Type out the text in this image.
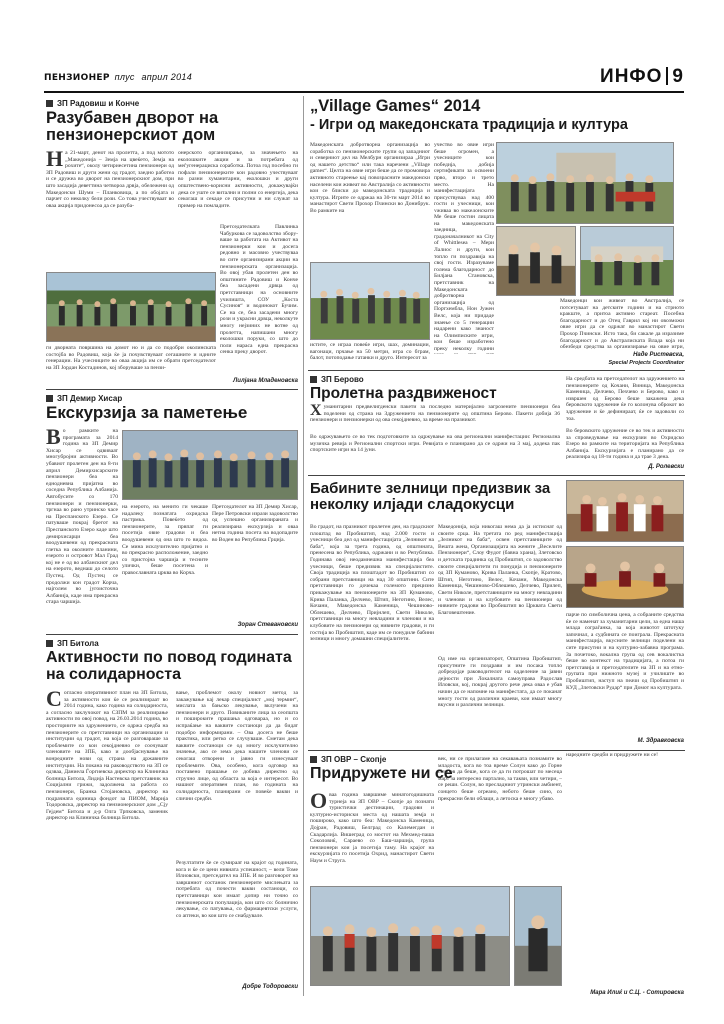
ПЕНЗИОНЕР плус април 2014	ИНФО 9
ЗП Радовиш и Конче
Разубавен дворот на пензионерскиот дом
На 21-март, денот на пролетта, а под мотото „Македонија – Земја на цвеќето, Земја на рохите“, околу четириесетина пензионери од ЗП Радовиш и други жени од градот, заедно работеа и се дружеа во дворот на пензионерскиот дом, при што засадија деветтина четвороа дрвја, обележени од Македонски Шуми – Планковица, а по обојата и парчет со неколку бели рози. Со това учествуваат во оваа акција придонесоа да се разуба-
онерското организирање, за значењето на еколошките акции и за потребата од меѓугенерациска соработка. Потоа год посебно ги пофали пензионерките кои радовно учествуваат во разни хуманитарни, еколошки и други општествено-корисни активности, докажувајќи дека се уште се витални и полни со енергија, дека секогаш и секаде се присутни и ни служат за пример на помладите.
Претседателката Павлинка Чабуркова се задоволство збору-ваше за работата на Активот на пензионерки кои и досега редовно и масовно учествуваа во сите организирани акции на пензионерската организација. Во овој убав пролетен ден во општините Радовиш и Конче беа засадени дрвца од претставници на основните училишта, СОУ „Коста Сусинов“ и водинокот Бучим. Се на се, беа засадени многу рози и украсни дрвца, неколкуте многу нејзиних не вотне од пролетта, напишани многу еколошки поруки, со што до поли нараса една прекрасна сенка преку дворот.
ги дворната површина на домот но и да со подобри околинската состојба во Радовиш, која ќе ја почувствуваат сегашните и идните генерации. На учесниците во оваа акција им се обрати претседателот на ЗП Јордан Костадинов, кој зборуваше за пензи-
Лилјана Младеновска
ЗП Демир Хисар
Екскурзија за паметење
Во рамките на програмата за 2014 година на ЗП Демир Хисар се одвиваат многубројни активности. Во убавиот пролетен ден на 8-ти април Демирхисарските пензионери беа на еднодневна пријатна во соседна Република Албанија. Автобусите со 170 пензионери и пензионерки, тргнаа во рано утринско часе на Преспанското Езеро. Се патуваше покрај брегот на Преспанското Езеро каде што демирхисарци беа воодушевени од прекрасната глетка на околните планини, езерото и островот Мал Град кој не е од во албанскиот дел на езерото, веднаш до селото Пустец. Од Пустец се продолжи кон градот Корча, најголем во југоисточна Албанија, каде има прекрасна стара чаршија.
на езерото, на менито ги чекаше надалеку познатата охридска пастрмка. Повеќето од пензионерите, за првпат ги посетија овие градови и беа воодушевени од она што го видоа. Се мина исклучително пријатно и во прекрасно расположение, заедно со пристојна чаршија и тесните улички, беше посетена и православната црква во Корча.
Претседателот на ЗП Демир Хисар, Пере Петровски изрази задоволство од успешно организираната и реализирана екскурзија и оваа нетна година посета на водопадите во Воден во Република Грција.
Зоран Стевановски
ЗП Битола
Активности по повод годината на солидарноста
Согласно оперативниот план на ЗП Битола, за активности кои ќе се реализираат во 2014 година, како година на солидарноста, а согласно заклучокот на СЗПМ за реализирање активности по овој повод, на 26.03.2014 година, во просториите на здружението, се одржа средба на пензионерите со претставници на организации и институции од градот, на која се разговараше за проблемите со кои секојдневно се соочуваат членовите на ЗПБ, како и дообјаснување на вонредните нови од страна на државните институции. На покана на раководството на ЗП се одзваа, Даниела Ѓоргиевска директор на Клиничка болница Битола, Лидија Настевска претставник на Социјални грижи, задолжена за работа со пензионери, Бранка Стојановска, директор на подрачната единица фондот за ПИОМ, Марија Тодоровска, директор на пензионерскиот дом „Сју Гејдем“ Битола и д-р Олга Трпковска, заменик директор на Клиничка болница Битола.
вање, проблемот околу новиот метод за закажување кај лекар специјалист „мој термин“, мислата за бањско лекување, вклучени на пензионери и друго. Повиканите лица за сеопшта и пошироките прашања одговараа, но и со испраќање на ваквите состаноци да да бидат подобро информирани. – Ова досега не беше практика, или ретко се случуваше. Сметам дека ваквите состаноци се од многу исклучително значење, ако се зема дека нашите членови се секогаш отворени и јавно ги изнесуваат проблемите. Ова, особено, кога одговор на поставено прашање се добива директно од стручно лице, од областа за која е интересот. Во нашиот оперативен план, во годината на солидарноста, планирани се повеќе вакви и слични средби.
Резултатите ќе се сумираат на крајот од годината, кога и ќе се цени нивната успешност, – вели Томе Илиовски, претседател на ЗПБ. И во разговорот на завршниот состанок пензионерите мислењата за потребата од почести вакви состаноци, со претставници кои имаат допир ни точно со пензионерската популација, кои што со: болнично лекување, со патувања, со фармацевтски услуги, со аптеки, во кои што се снабдувале.
Добре Тодоровски
„Village Games“ 2014
- Игри од македонската традиција и култура
Македонската добротворна организација во соработка со пензионерските групи од западниот и северниот дел на Мелбурн организираа „Игри од нашето детство“ или така наречени „Village games“. Целта на овие игри беше да се промовира активното стареење кај повозрасните македонски населени кои живеат во Австралија со активности кои се блиски до македонската традиција и култура. Игрите се одржаа на 30-ти март 2014 во манастирот Свети Прохор Пчински во Донибрук. Во рамките на
учество во овие игри беше огромен, а учесниците кои победија, добија сертификати за освоени прво, второ и трето место. На манифестацијата присуствуваа над 400 гости и учесници, кои уживаа во македонските
Ме беше гостин лицата на македонската заедница, градоначалникот на City of Whittlesea – Мери Лалиос и други, кои топло ги поздравија на свој гости. Изразуваме голема благодарност до Билјана Становска, претставник на Македонската добротворна организација од Портхемблa, Нон Јужен Велс, која ни придаде знаење со 5 генерации надарени како знаност на Олимписките игри, кои беше изработено преку неколку години
истите, се играа повеќе игри, шах, доминации, вагонаци, прчање на 50 метри, игра со бграм, бaлот, потоподање гатанки и друго. Интересот за
Македонци кои живеат во Австралија, се потсетуваат на детските години и на стрното кракште, а притоа активно стареат. Посебна благодарност и до Отец Гаврил кој ни овозможи овие игри да се одржат во манастирот Свети Прохор Пчински. Исто така, би сакале да изразиме благодарност и до Австралиската Влада која ни обезбеди средства за организирање на овие игри,
Наде Ристевска,
Special Projects Coordinator
ЗП Берово
Пролетна раздвиженост
Хуманитарни предвелигденски пакети за последно материјално загрозените пензионери беа поделени од страна на Здружението на пензионерите од општина Берово. Пакети добија 36 пензионери и пензионерки од ова секојдневно, за време на празникот.
Во одржувањето се во тек подготовките за одржување на ова регионални манифестации: Регионална музичка ревија и Регионални спортски игри. Ревијата е планирано да се одржи на 3 мај, додека пак спортските игри на 14 јуни.
На средбата на претседателот на здружението на пензионерите од Кочани, Виница, Македонска Каменица, Делчево, Пехчево и Берово, како и извршен од Берово беше закажена дека беровското здружение ќе го колонува оброкот во здружение и ќе дефинираат, ќе се задоволи со тоа.
Во беровското здружение се во тек и активности за спроведување на екскурзии во Охридско Езеро во рамките на територијата на Република Албанија. Екскурзијата е планирано да се реализира од 18-ти година и да трае 3 дена.
Д. Ролевски
Бабините зелници предизвик за неколку илјади сладокусци
Во градот, на празникот пролетен ден, на градскиот плоштад во Пробиштип, над 2.000 гости и учесници беа дел од манифестацијата „Зелникот на баба“, која за трета година, од општината, пренесена во Република, одржани и во Република. Годинава овој неодамнешна манифестација беа учесници, беше предизвик на специјалистите. Своја традиција на плоштадот во Пробиштип со собрани претставници на над 30 општини. Сите претставници го дочекаа големото прецизно прикажување на пензионерите на ЗП Кумановo, Крива Паланка, Делчево, Штип, Неготино, Велес, Кочани, Македонска Каменица, Чешиново-Облешево, Делчево, Пријнлеп, Свети Николе, претставници на многу невладини и членови и на клубовите на пензионери од нивните градови, и ги гостија во Пробиштип, каде им се понудиле бабини зелници и многу домашни специјалитети.
Македонија, која никогаш нема да ја истиснат од своите срца. На третата по ред манифестација „Зелникот на баба“, освен претставниците од Вешта жена, Организацијата на жените „Веселите Пензионери“, Слоу Фудот (бавна храна), Злетовско и детската градинка од Пробиштип, со задоволство своите специјалитети ги понудија и пензионерите од ЗП Кумановo, Крива Паланка, Скопје, Кратово, Штип, Неготино, Велес, Кочани, Македонска Каменица, Чешиново-Облешево, Делчево, Прилеп, Свети Николе, претставниците на многу невладини и членови и на клубовите на пензионери од нивните градови во Пробиштип во Црквата Свети Благовештение.
Од име на организаторот, Општина Пробиштип, присутните ги поздрави и им посака топло добредојде раководителот на одделение за јавни дејности при Локалната самоуправа Радослав Иловски, кој, покрај другото рече дека оваа е убав начин да се напомне на манифестата, да се поканат многу гости од различни краеви, кои имаат многу вкусни и различни зелници.
парче по симболична цена, а собраните средства ќе се наменат за хуманитарни цели, за една наша млада сограѓанка, за која животот штотуку започнал, а судбината се поиграла. Прекрасната манифестација, вкусните зелници поделени на сите присутни и на културно-забавна програма. За почетоко, вокална група од сев вокалистка беше во контекст на традицијата, а потоа ги претставија и претседателите на ЗП и на етно-групата при нижното музеј и училиште во Пробиштип, наступ на пеачи од Пробиштип и КУД „Злетовски Рудар“ при Домот на културата.
М. Здравковска
ЗП ОВР – Скопје
Придружете ни се
Оваа година завршиме минатогодишната турнеја на ЗП ОВР – Скопје до познати туристички дестинации, градови и културно-историски места од нашата земја и пошироко, како што беа: Македонска Каменица, Дојран, Радовиш, Белград со Калемегдан и Скадарлија. Вишеград со мостот на Мехмед-паша Соколовиќ, Сараево со Баш-чаршија, група пензионери кои ја посетија таму. На крајот на екскурзијата го посетија Охрид, манастирот Свети Наум и Струга.
век, ни се прилагаме на секавањата познамите во младоста, кога во тоа време Солун како до Горне Петров да беше, кога се да ги потрошат по месеца март за интересно партално, за такви, или четири, – се реши. Солун, во пресладниот утрински амбиент, сонцето беше огреано, небото беше сино, со прекрасни бели облаци, а летоска е многу убаво.
наредните средби и придружете ни се!
Мара Илиќ и С.Ц. - Сотировска
